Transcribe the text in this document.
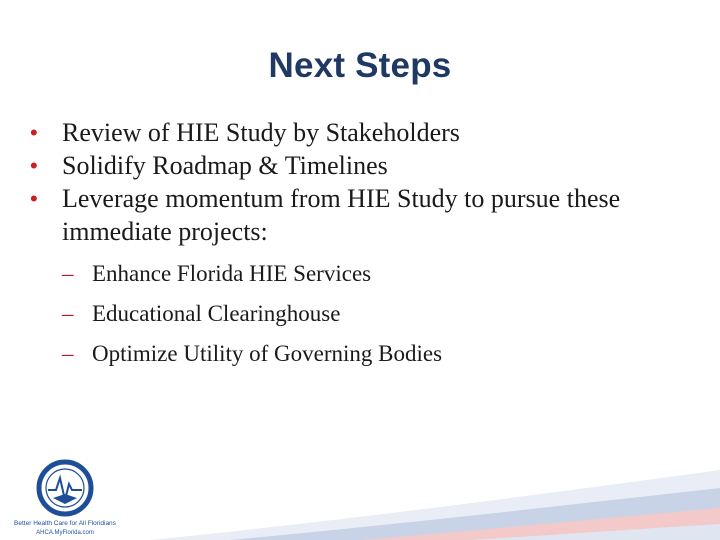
Next Steps

• Review of HIE Study by Stakeholders

• Solidify Roadmap & Timelines

• Leverage momentum from HIE Study to pursue these immediate projects:

– Enhance Florida HIE Services

– Educational Clearinghouse

– Optimize Utility of Governing Bodies

Better Health Care for All Floridians
AHCA.MyFlorida.com
